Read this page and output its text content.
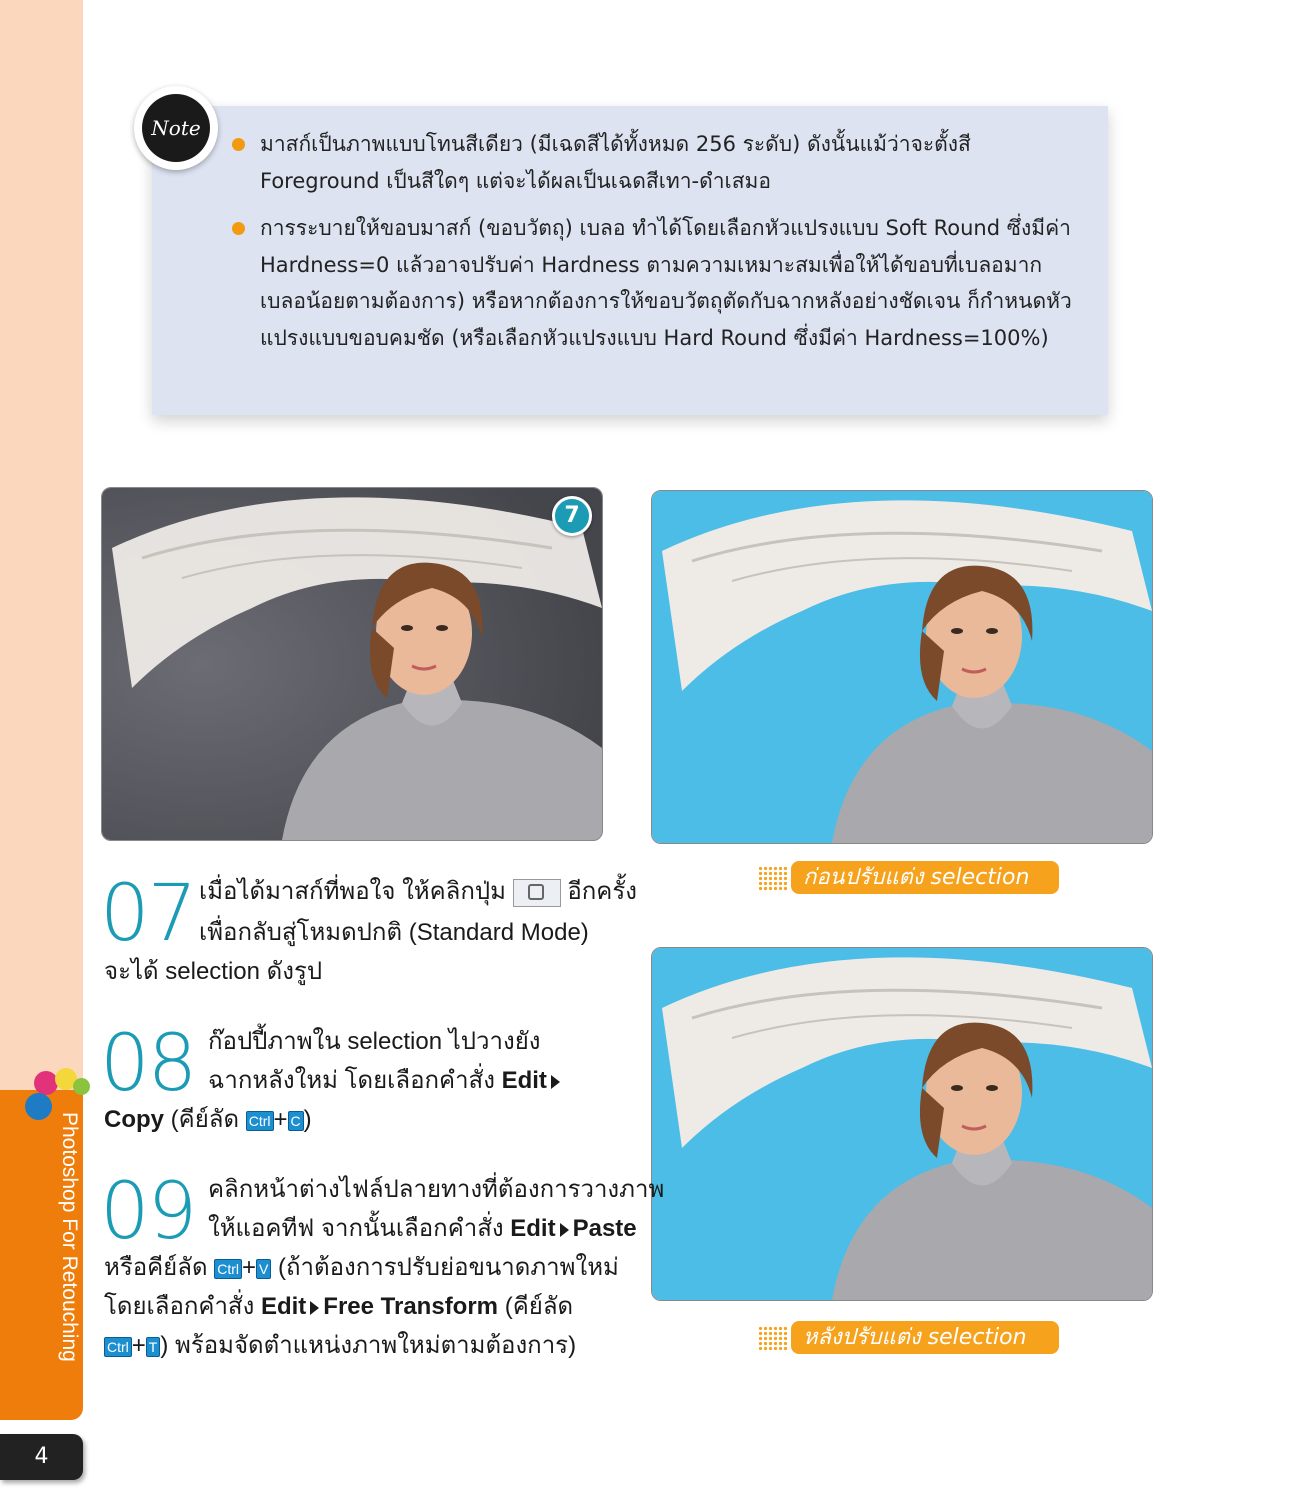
Photoshop For Retouching
4
Note
มาสก์เป็นภาพแบบโทนสีเดียว (มีเฉดสีได้ทั้งหมด 256 ระดับ) ดังนั้นแม้ว่าจะตั้งสี Foreground เป็นสีใดๆ แต่จะได้ผลเป็นเฉดสีเทา-ดำเสมอ
การระบายให้ขอบมาสก์ (ขอบวัตถุ) เบลอ ทำได้โดยเลือกหัวแปรงแบบ Soft Round ซึ่งมีค่า Hardness=0 แล้วอาจปรับค่า Hardness ตามความเหมาะสมเพื่อให้ได้ขอบที่เบลอมากเบลอน้อยตามต้องการ) หรือหากต้องการให้ขอบวัตถุตัดกับฉากหลังอย่างชัดเจน ก็กำหนดหัวแปรงแบบขอบคมชัด (หรือเลือกหัวแปรงแบบ Hard Round ซึ่งมีค่า Hardness=100%)
7
ก่อนปรับแต่ง selection
หลังปรับแต่ง selection
07 เมื่อได้มาสก์ที่พอใจ ให้คลิกปุ่ม	อีกครั้ง
เพื่อกลับสู่โหมดปกติ (Standard Mode)
จะได้ selection ดังรูป
08 ก๊อปปี้ภาพใน selection ไปวางยัง
ฉากหลังใหม่ โดยเลือกคำสั่ง Edit
Copy (คีย์ลัด Ctrl + C )
09 คลิกหน้าต่างไฟล์ปลายทางที่ต้องการวางภาพ
ให้แอคทีฟ จากนั้นเลือกคำสั่ง Edit Paste
หรือคีย์ลัด Ctrl + V (ถ้าต้องการปรับย่อขนาดภาพใหม่
โดยเลือกคำสั่ง Edit Free Transform (คีย์ลัด
Ctrl + T ) พร้อมจัดตำแหน่งภาพใหม่ตามต้องการ)
